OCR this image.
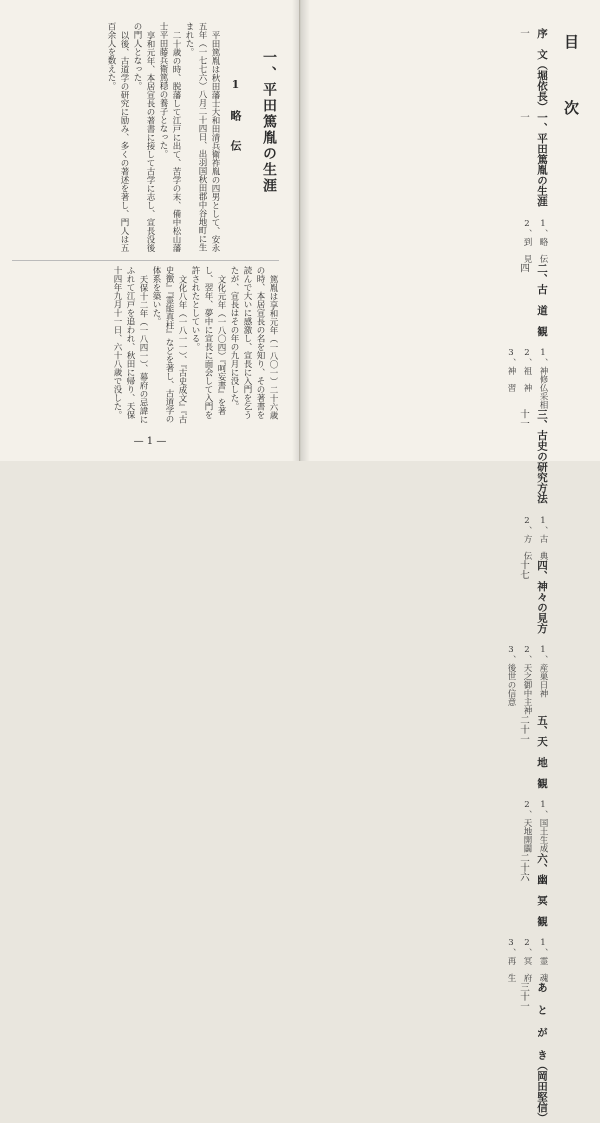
一、平田篤胤の生涯
1　略　伝

平田篤胤は秋田藩士大和田清兵衛祚胤の四男として、安永五年（一七七六）八月二十四日、出羽国秋田郡中谷地町に生まれた。

二十歳の時、脱藩して江戸に出て、苦学の末、備中松山藩士平田藤兵衛篤穏の養子となった。

享和元年、本居宣長の著書に接して古学に志し、宣長没後の門人となった。

以後、古道学の研究に励み、多くの著述を著し、門人は五百余人を数えた。

篤胤は享和元年（一八〇一）二十六歳の時、本居宣長の名を知り、その著書を読んで大いに感激し、宣長に入門を乞うたが、宣長はその年の九月に没した。

文化元年（一八〇四）『呵妄書』を著し、翌年、夢中に宣長に面会して入門を許されたとしている。

文化八年（一八一一）、『古史成文』『古史徴』『霊能真柱』などを著し、古道学の体系を築いた。

天保十二年（一八四一）、幕府の忌諱にふれて江戸を追われ、秋田に帰り、天保十四年九月十一日、六十八歳で没した。

— 1 —
目　次
序　文（堀依長）
一
一、平田篤胤の生涯
一
1、略　伝
2、到　見
二、古　道　観
四
1、神修仏采相
2、祖　神
3、神　習
三、古史の研究方法
十一
1、古　典
2、方　伝
四、神々の見方
十七
1、産巣日神
2、天之御中主神
3、後世の信意
五、天　地　観
二十一
1、国土生成
2、天地開闢
六、幽　冥　観
二十六
1、霊　魂
2、冥　府
3、再　生
あ と が き（岡田堅信）
三十一
